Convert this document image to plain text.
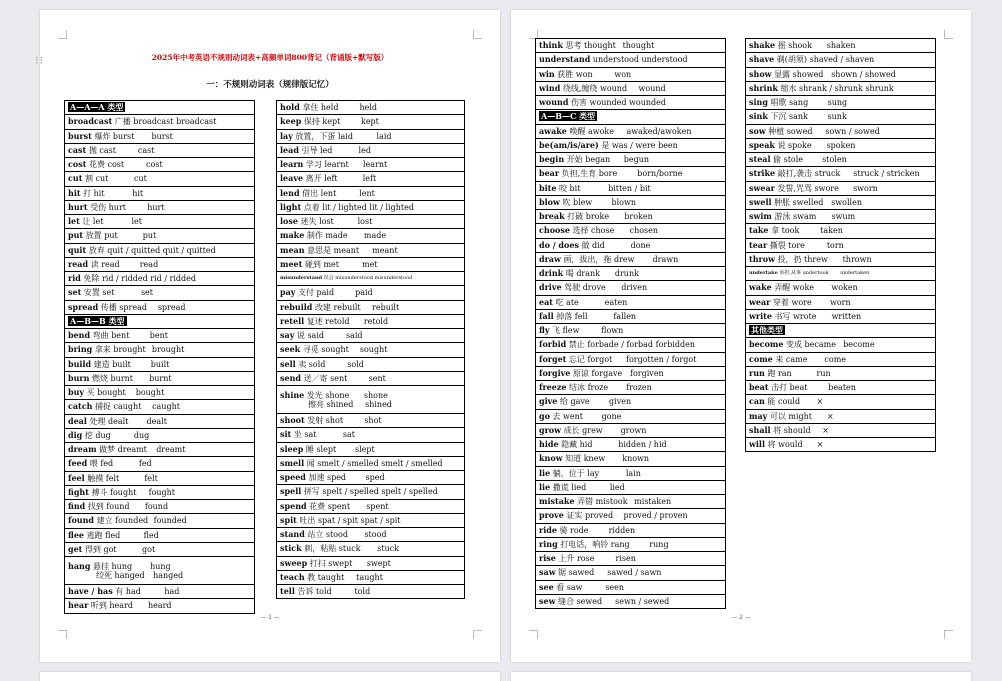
2025年中考英语不规则动词表+高频单词800背记（背诵版+默写版）
一：不规则动词表（规律版记忆）
A—A—A 类型
broadcast 广播 broadcast broadcast
burst 爆炸 burst burst
cast 抛 cast	cast
cost 花费 cost	cost
cut 割 cut	cut
hit 打 hit	hit
hurt 受伤 hurt	hurt
let 让 let	let
put 放置 put	put
quit 放弃 quit / quitted quit / quitted
read 读 read	read
rid 免除 rid / ridded rid / ridded
set 安置 set	set
spread 传播 spread spread
A—B—B 类型
bend 弯曲 bent	bent
bring 拿来 brought brought
build 建造 built built
burn 燃烧 burnt burnt
buy 买 bought bought
catch 捕捉 caught caught
deal 处理 dealt dealt
dig 挖 dug	dug
dream 做梦 dreamt dreamt
feed 喂 fed	fed
feel 触摸 felt	felt
fight 搏斗 fought fought
find 找到 found found
found 建立 founded founded
flee 逃跑 fled	fled
get 得到 got	got
hang 悬挂 hung hung
绞死 hanged hanged
have / has 有 had	had
hear 听到 heard heard
hold 拿住 held	held
keep 保持 kept	kept
lay 放置，下蛋 laid	laid
lead 引导 led	led
learn 学习 learnt learnt
leave 离开 left	left
lend 借出 lent	lent
light 点着 lit / lighted lit / lighted
lose 迷失 lost	lost
make 制作 made made
mean 意思是 meant meant
meet 碰到 met	met
misunderstand 误会 misunderstood misunderstood
pay 支付 paid	paid
rebuild 改建 rebuilt rebuilt
retell 复述 retold retold
say 说 said	said
seek 寻觅 sought sought
sell 卖 sold	sold
send 送／寄 sent	sent
shine 发光 shone shone
擦亮 shined shined
shoot 发射 shot	shot
sit 坐 sat	sat
sleep 睡 slept slept
smell 闻 smelt / smelled smelt / smelled
speed 加速 sped sped
spell 拼写 spelt / spelled spelt / spelled
spend 花费 spent spent
spit 吐出 spat / spit spat / spit
stand 站立 stood stood
stick 刺，粘贴 stuck stuck
sweep 打扫 swept swept
teach 教 taught taught
tell 告诉 told	told
— 1 —
think 思考 thought thought
understand understood understood
win 获胜 won	won
wind 绕线,缠绕 wound wound
wound 伤害 wounded wounded
A—B—C 类型
awake 唤醒 awoke awaked/awoken
be(am/is/are) 是 was / were been
begin 开始 began begun
bear 负担,生育 bore	born/borne
bite 咬 bit	bitten / bit
blow 吹 blew blown
break 打破 broke broken
choose 选择 chose chosen
do / does 做 did	done
draw 画，拔出，拖 drew drawn
drink 喝 drank drunk
drive 驾驶 drove driven
eat 吃 ate	eaten
fall 掉落 fell	fallen
fly 飞 flew	flown
forbid 禁止 forbade / forbad forbidden
forget 忘记 forgot forgotten / forgot
forgive 原谅 forgave forgiven
freeze 结冰 froze frozen
give 给 gave given
go 去 went gone
grow 成长 grew grown
hide 隐藏 hid	hidden / hid
know 知道 knew known
lie 躺，位于 lay	lain
lie 撒谎 lied	lied
mistake 弄错 mistook mistaken
prove 证实 proved proved / proven
ride 骑 rode	ridden
ring 打电话，响铃 rang rung
rise 上升 rose	risen
saw 锯 sawed sawed / sawn
see 看 saw	seen
sew 缝合 sewed sewn / sewed
shake 摇 shook shaken
shave 剃(胡须) shaved / shaven
show 显露 showed shown / showed
shrink 缩水 shrank / shrunk shrunk
sing 唱歌 sang sung
sink 下沉 sank sunk
sow 种植 sowed sown / sowed
speak 说 spoke spoken
steal 偷 stole stolen
strike 敲打,袭击 struck struck / stricken
swear 发誓,咒骂 swore sworn
swell 肿胀 swelled swollen
swim 游泳 swam swum
take 拿 took	taken
tear 撕裂 tore	torn
throw 投，扔 threw thrown
undertake 承担,从事 undertook undertaken
wake 弄醒 woke woken
wear 穿着 wore worn
write 书写 wrote written
其他类型
become 变成 became become
come 来 came come
run 跑 ran	run
beat 击打 beat	beaten
can 能 could ×
may 可以 might ×
shall 将 should ×
will 将 would ×
— 2 —
⁝⁝
